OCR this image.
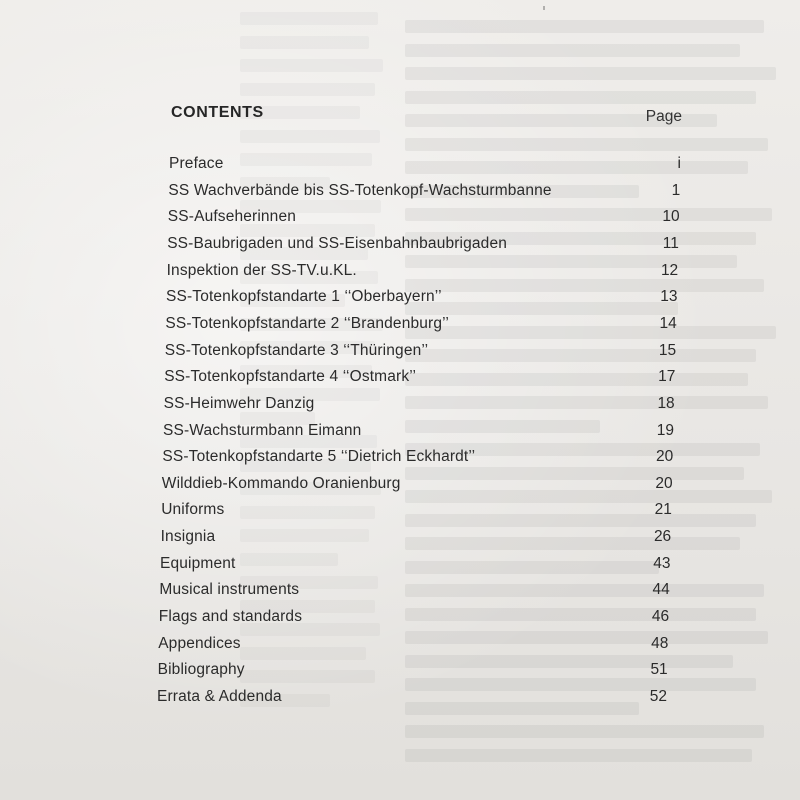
CONTENTS	Page
Preface	i
SS Wachverbände bis SS-Totenkopf-Wachsturmbanne	1
SS-Aufseherinnen	10
SS-Baubrigaden und SS-Eisenbahnbaubrigaden	11
Inspektion der SS-TV.u.KL.	12
SS-Totenkopfstandarte 1 ‘‘Oberbayern’’	13
SS-Totenkopfstandarte 2 ‘‘Brandenburg’’	14
SS-Totenkopfstandarte 3 ‘‘Thüringen’’	15
SS-Totenkopfstandarte 4 ‘‘Ostmark’’	17
SS-Heimwehr Danzig	18
SS-Wachsturmbann Eimann	19
SS-Totenkopfstandarte 5 ‘‘Dietrich Eckhardt’’	20
Wilddieb-Kommando Oranienburg	20
Uniforms	21
Insignia	26
Equipment	43
Musical instruments	44
Flags and standards	46
Appendices	48
Bibliography	51
Errata & Addenda	52
